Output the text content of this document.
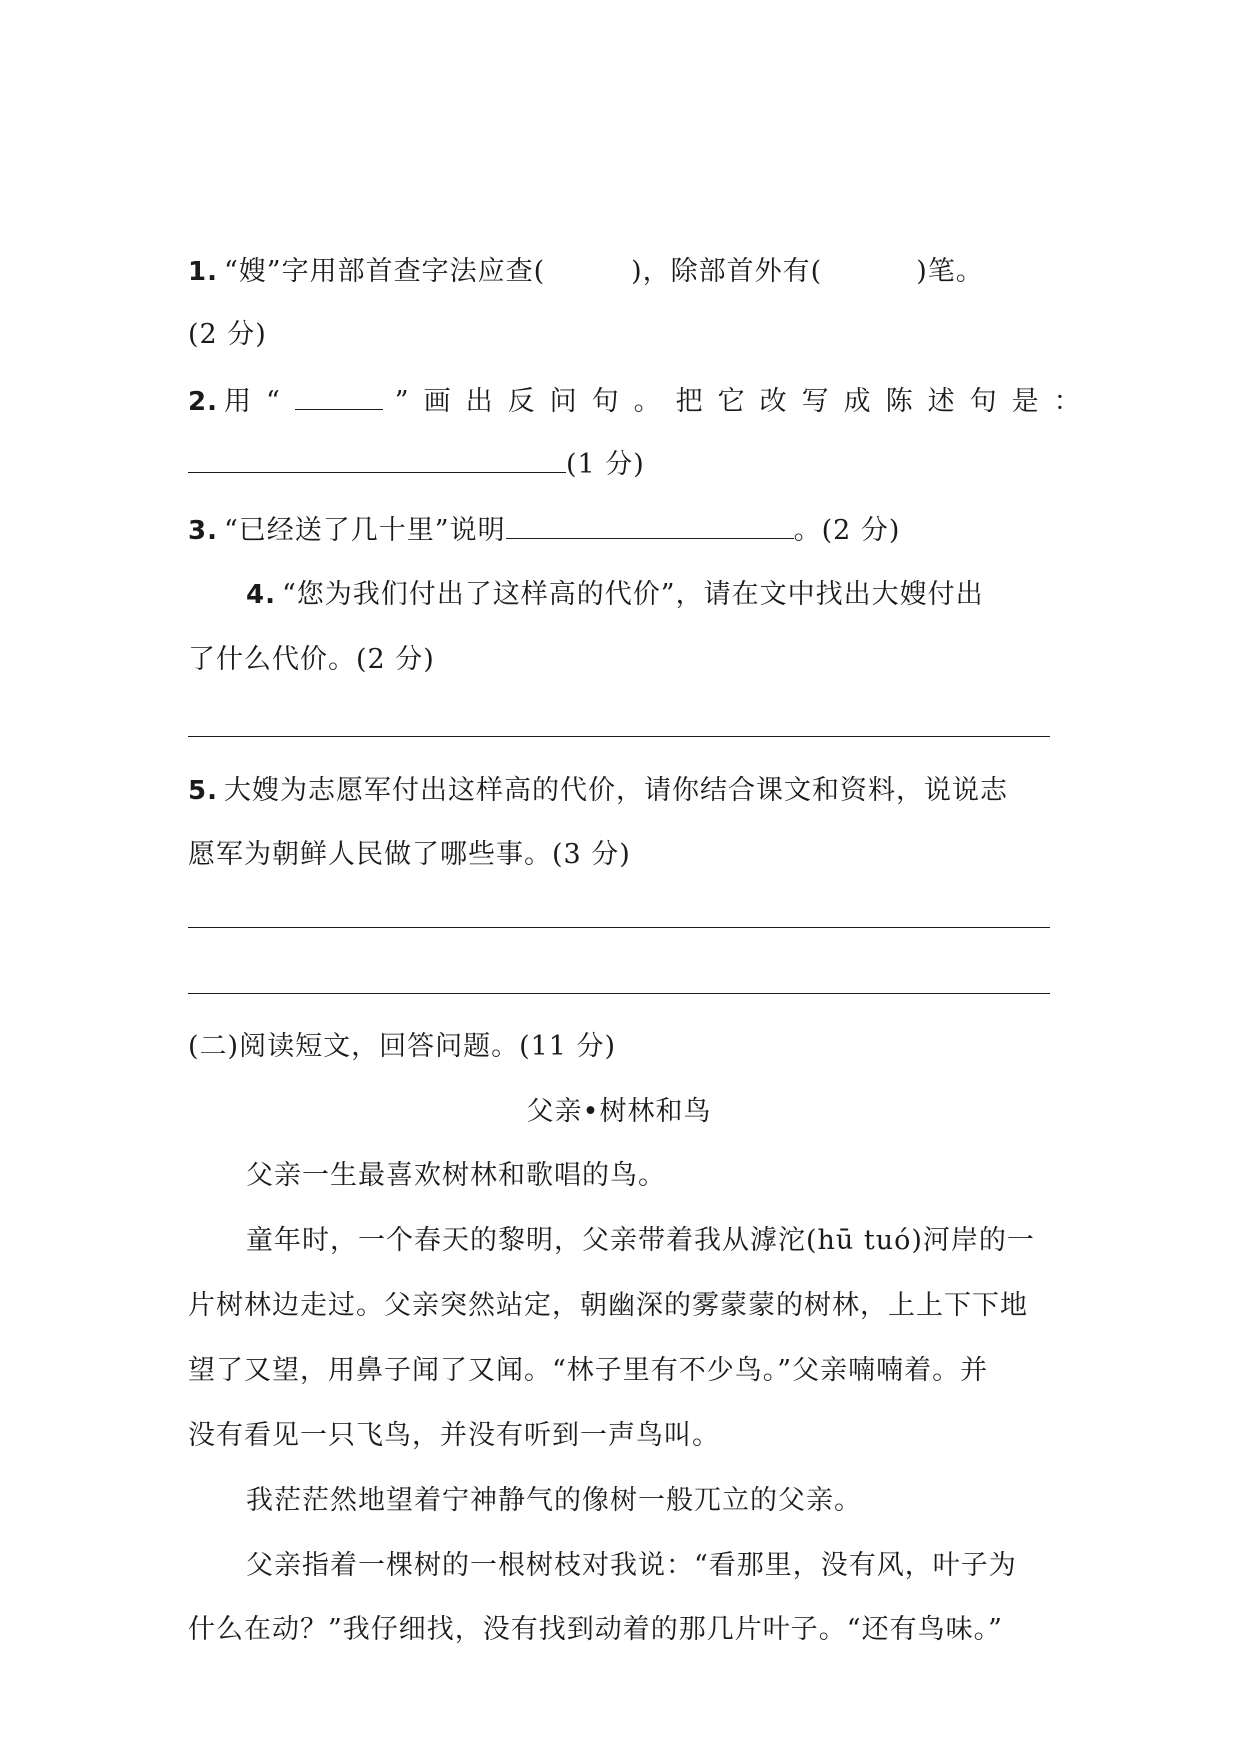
1. “嫂”字用部首查字法应查(	)，除部首外有(	)笔。
(2 分)
2. 用“	”画出反问句。把它改写成陈述句是：
(1 分)
3. “已经送了几十里”说明	。(2 分)
4. “您为我们付出了这样高的代价”，请在文中找出大嫂付出
了什么代价。(2 分)
5. 大嫂为志愿军付出这样高的代价，请你结合课文和资料，说说志
愿军为朝鲜人民做了哪些事。(3 分)
(二)阅读短文，回答问题。(11 分)
父亲•树林和鸟
父亲一生最喜欢树林和歌唱的鸟。
童年时，一个春天的黎明，父亲带着我从滹沱(hū tuó)河岸的一
片树林边走过。父亲突然站定，朝幽深的雾蒙蒙的树林，上上下下地
望了又望，用鼻子闻了又闻。“林子里有不少鸟。”父亲喃喃着。并
没有看见一只飞鸟，并没有听到一声鸟叫。
我茫茫然地望着宁神静气的像树一般兀立的父亲。
父亲指着一棵树的一根树枝对我说：“看那里，没有风，叶子为
什么在动？”我仔细找，没有找到动着的那几片叶子。“还有鸟味。”
